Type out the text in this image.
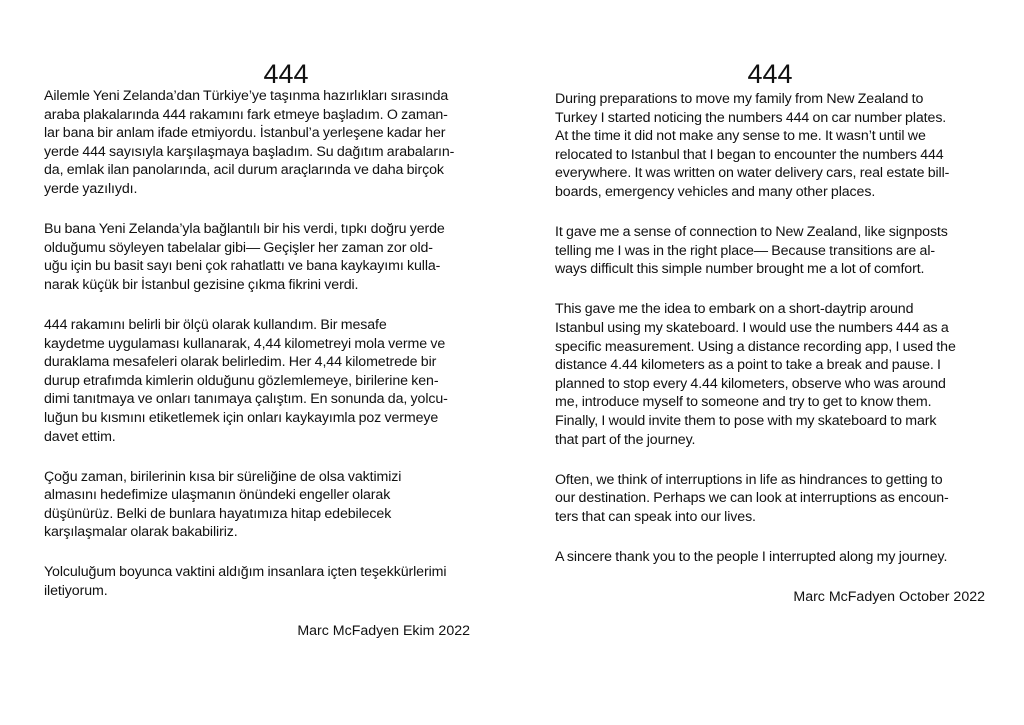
444

Ailemle Yeni Zelanda’dan Türkiye’ye taşınma hazırlıkları sırasında
araba plakalarında 444 rakamını fark etmeye başladım. O zaman-
lar bana bir anlam ifade etmiyordu. İstanbul’a yerleşene kadar her
yerde 444 sayısıyla karşılaşmaya başladım. Su dağıtım arabaların-
da, emlak ilan panolarında, acil durum araçlarında ve daha birçok
yerde yazılıydı.

Bu bana Yeni Zelanda’yla bağlantılı bir his verdi, tıpkı doğru yerde
olduğumu söyleyen tabelalar gibi— Geçişler her zaman zor old-
uğu için bu basit sayı beni çok rahatlattı ve bana kaykayımı kulla-
narak küçük bir İstanbul gezisine çıkma fikrini verdi.

444 rakamını belirli bir ölçü olarak kullandım. Bir mesafe
kaydetme uygulaması kullanarak, 4,44 kilometreyi mola verme ve
duraklama mesafeleri olarak belirledim. Her 4,44 kilometrede bir
durup etrafımda kimlerin olduğunu gözlemlemeye, birilerine ken-
dimi tanıtmaya ve onları tanımaya çalıştım. En sonunda da, yolcu-
luğun bu kısmını etiketlemek için onları kaykayımla poz vermeye
davet ettim.

Çoğu zaman, birilerinin kısa bir süreliğine de olsa vaktimizi
almasını hedefimize ulaşmanın önündeki engeller olarak
düşünürüz. Belki de bunlara hayatımıza hitap edebilecek
karşılaşmalar olarak bakabiliriz.

Yolculuğum boyunca vaktini aldığım insanlara içten teşekkürlerimi
iletiyorum.

Marc McFadyen Ekim 2022

444

During preparations to move my family from New Zealand to
Turkey I started noticing the numbers 444 on car number plates.
At the time it did not make any sense to me. It wasn’t until we
relocated to Istanbul that I began to encounter the numbers 444
everywhere. It was written on water delivery cars, real estate bill-
boards, emergency vehicles and many other places.

It gave me a sense of connection to New Zealand, like signposts
telling me I was in the right place— Because transitions are al-
ways difficult this simple number brought me a lot of comfort.

This gave me the idea to embark on a short-daytrip around
Istanbul using my skateboard. I would use the numbers 444 as a
specific measurement. Using a distance recording app, I used the
distance 4.44 kilometers as a point to take a break and pause. I
planned to stop every 4.44 kilometers, observe who was around
me, introduce myself to someone and try to get to know them.
Finally, I would invite them to pose with my skateboard to mark
that part of the journey.

Often, we think of interruptions in life as hindrances to getting to
our destination. Perhaps we can look at interruptions as encoun-
ters that can speak into our lives.

A sincere thank you to the people I interrupted along my journey.

Marc McFadyen October 2022
